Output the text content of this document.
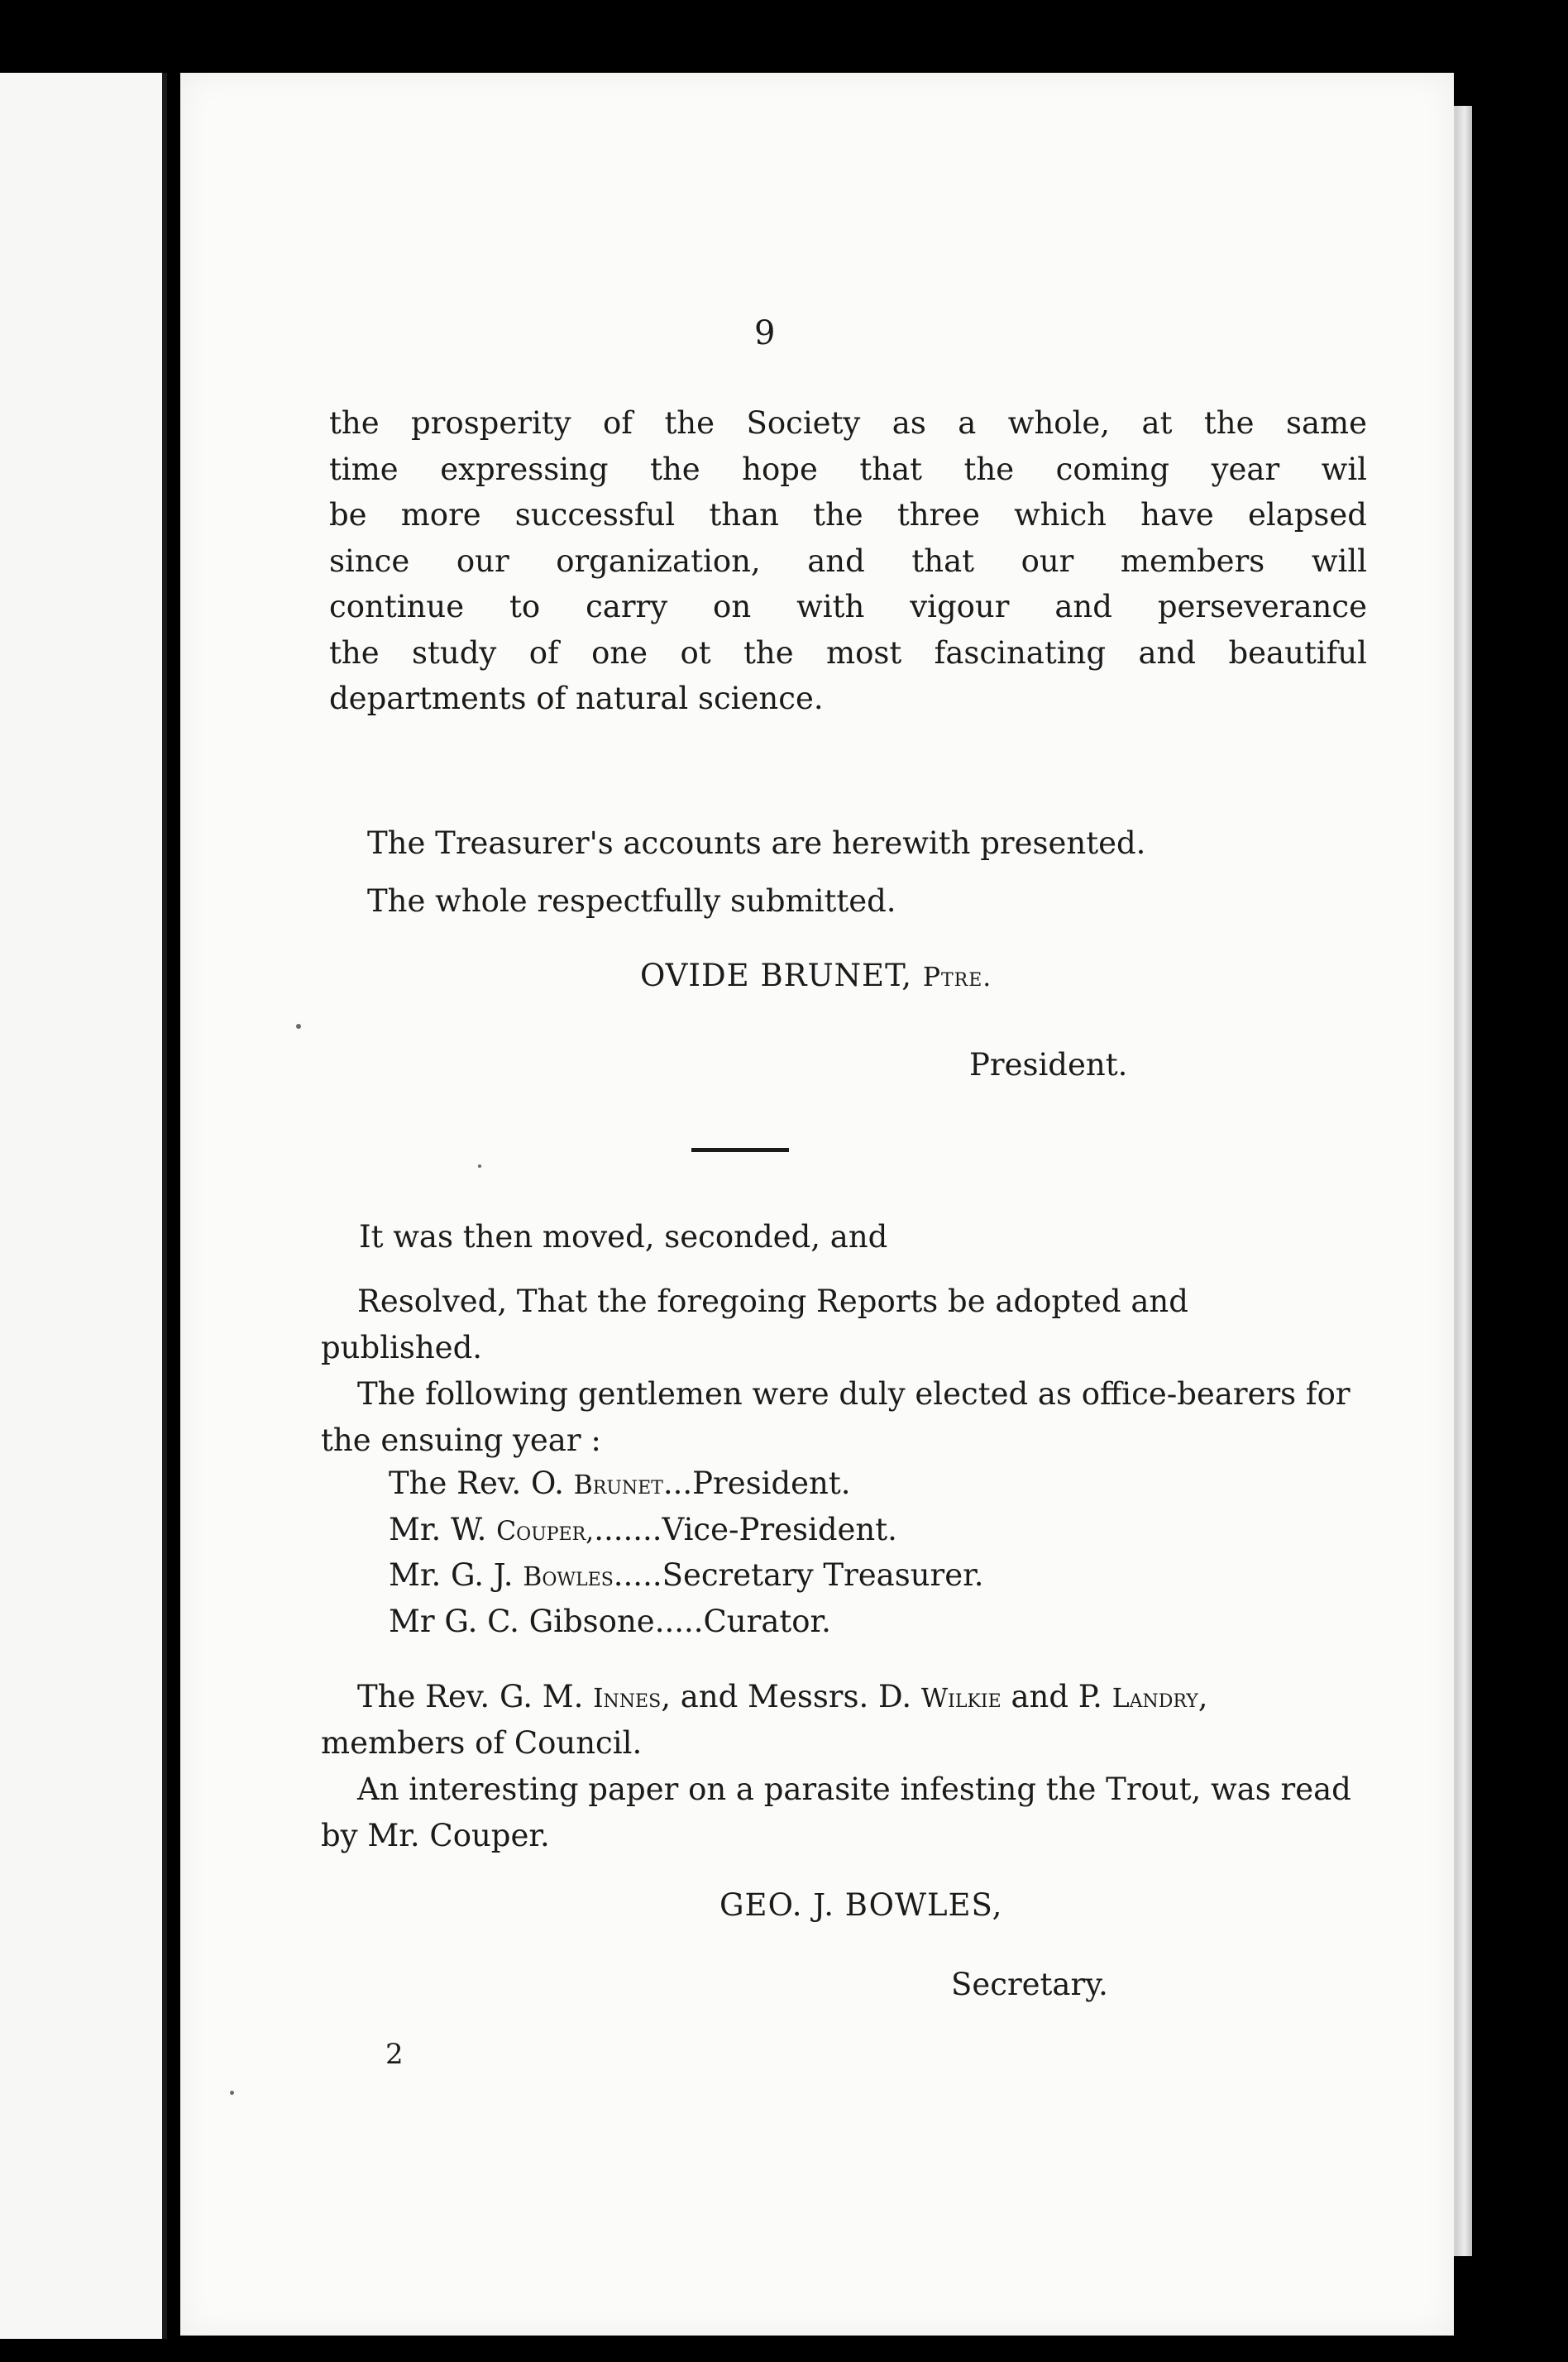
9
the prosperity of the Society as a whole, at the same
time expressing the hope that the coming year wil
be more successful than the three which have elapsed
since our organization, and that our members will
continue to carry on with vigour and perseverance
the study of one ot the most fascinating and beautiful
departments of natural science.
The Treasurer's accounts are herewith presented.
The whole respectfully submitted.
OVIDE BRUNET, Ptre.
President.
It was then moved, seconded, and

Resolved, That the foregoing Reports be adopted and published.

The following gentlemen were duly elected as office-bearers for the ensuing year :

The Rev. O. Brunet...President.
Mr. W. Couper,.......Vice-President.
Mr. G. J. Bowles.....Secretary Treasurer.
Mr G. C. Gibsone.....Curator.

The Rev. G. M. Innes, and Messrs. D. Wilkie and P. Landry, members of Council.

An interesting paper on a parasite infesting the Trout, was read by Mr. Couper.

GEO. J. BOWLES,
Secretary.
2
